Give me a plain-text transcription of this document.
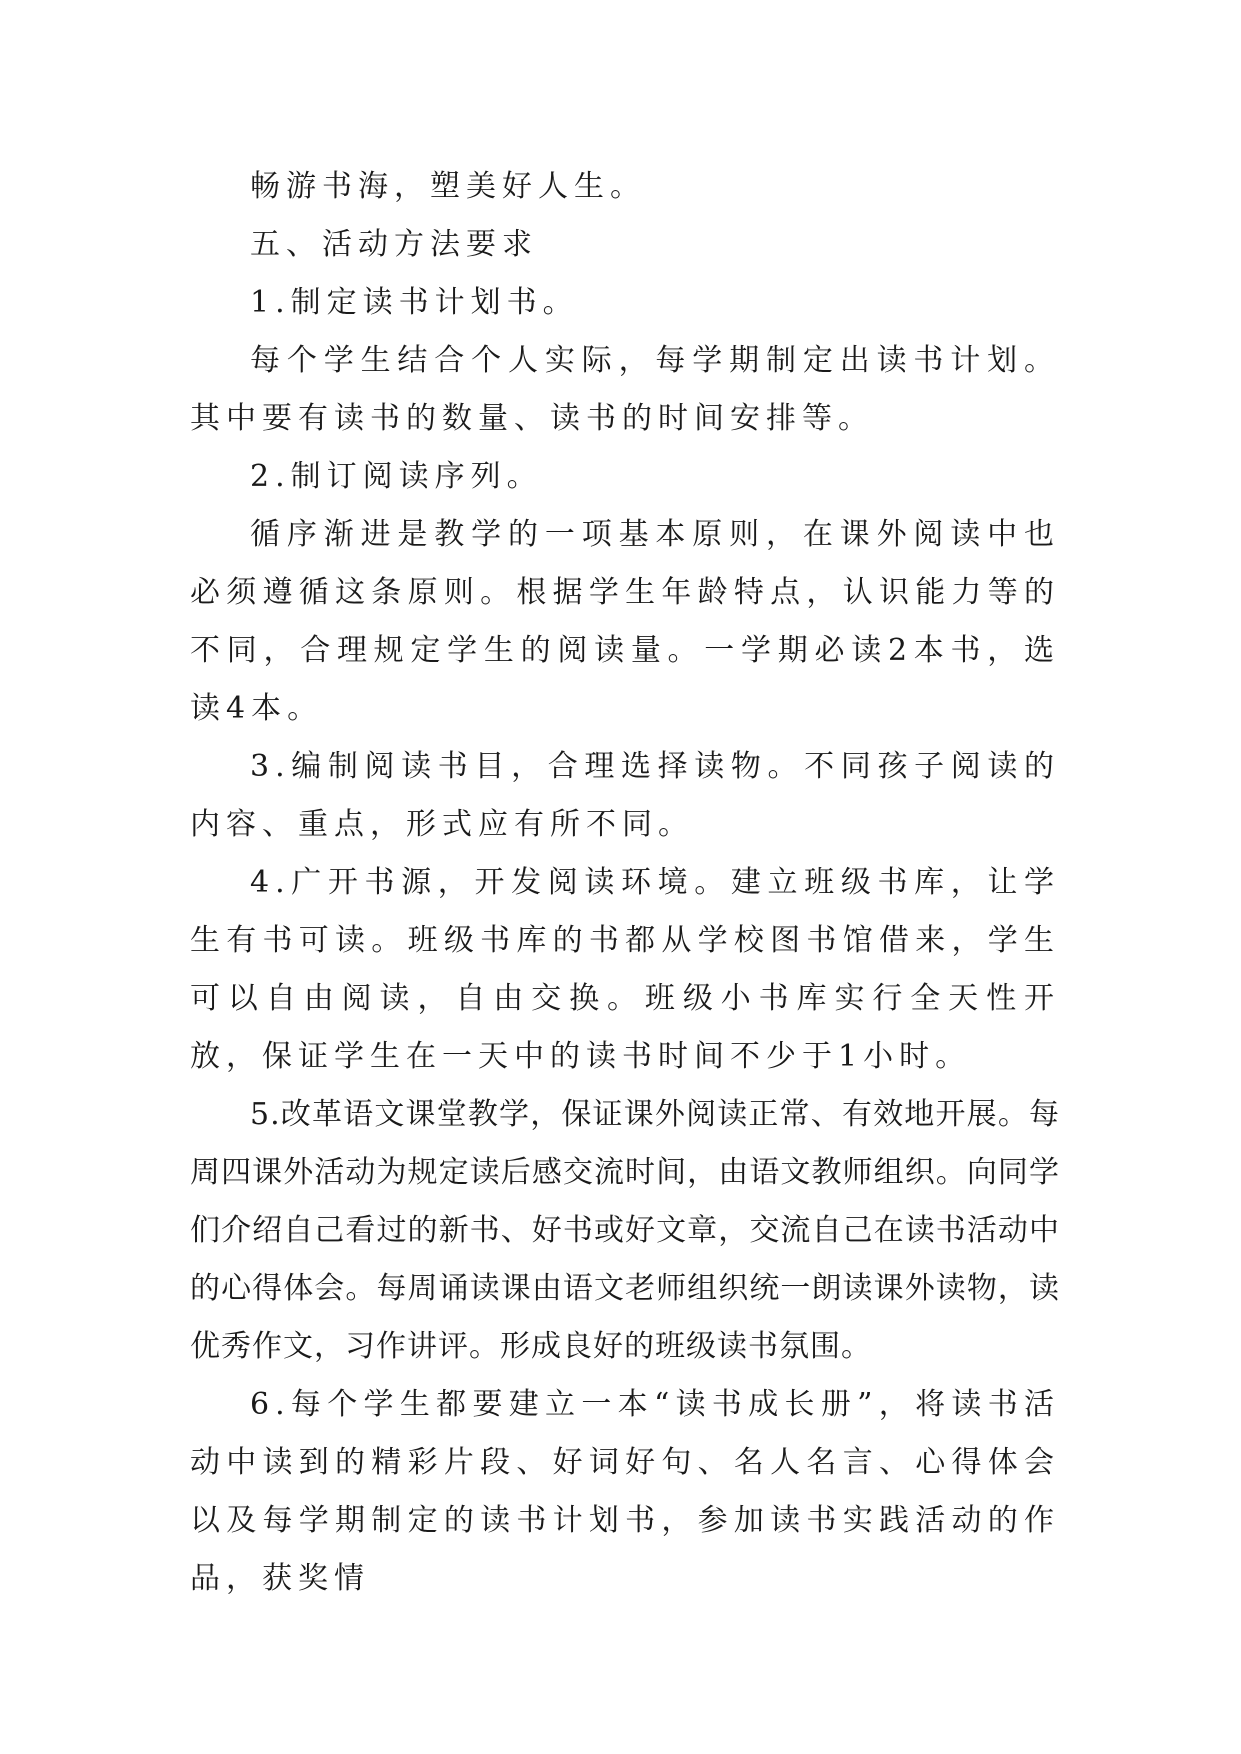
畅游书海，塑美好人生。

五、活动方法要求

1.制定读书计划书。

每个学生结合个人实际，每学期制定出读书计划。其中要有读书的数量、读书的时间安排等。

2.制订阅读序列。

循序渐进是教学的一项基本原则，在课外阅读中也必须遵循这条原则。根据学生年龄特点，认识能力等的不同，合理规定学生的阅读量。一学期必读2本书，选读4本。

3.编制阅读书目，合理选择读物。不同孩子阅读的内容、重点，形式应有所不同。

4.广开书源，开发阅读环境。建立班级书库，让学生有书可读。班级书库的书都从学校图书馆借来，学生可以自由阅读，自由交换。班级小书库实行全天性开放，保证学生在一天中的读书时间不少于1小时。

5.改革语文课堂教学，保证课外阅读正常、有效地开展。每周四课外活动为规定读后感交流时间，由语文教师组织。向同学们介绍自己看过的新书、好书或好文章，交流自己在读书活动中的心得体会。每周诵读课由语文老师组织统一朗读课外读物，读优秀作文，习作讲评。形成良好的班级读书氛围。

6.每个学生都要建立一本“读书成长册”，将读书活动中读到的精彩片段、好词好句、名人名言、心得体会以及每学期制定的读书计划书，参加读书实践活动的作品，获奖情
